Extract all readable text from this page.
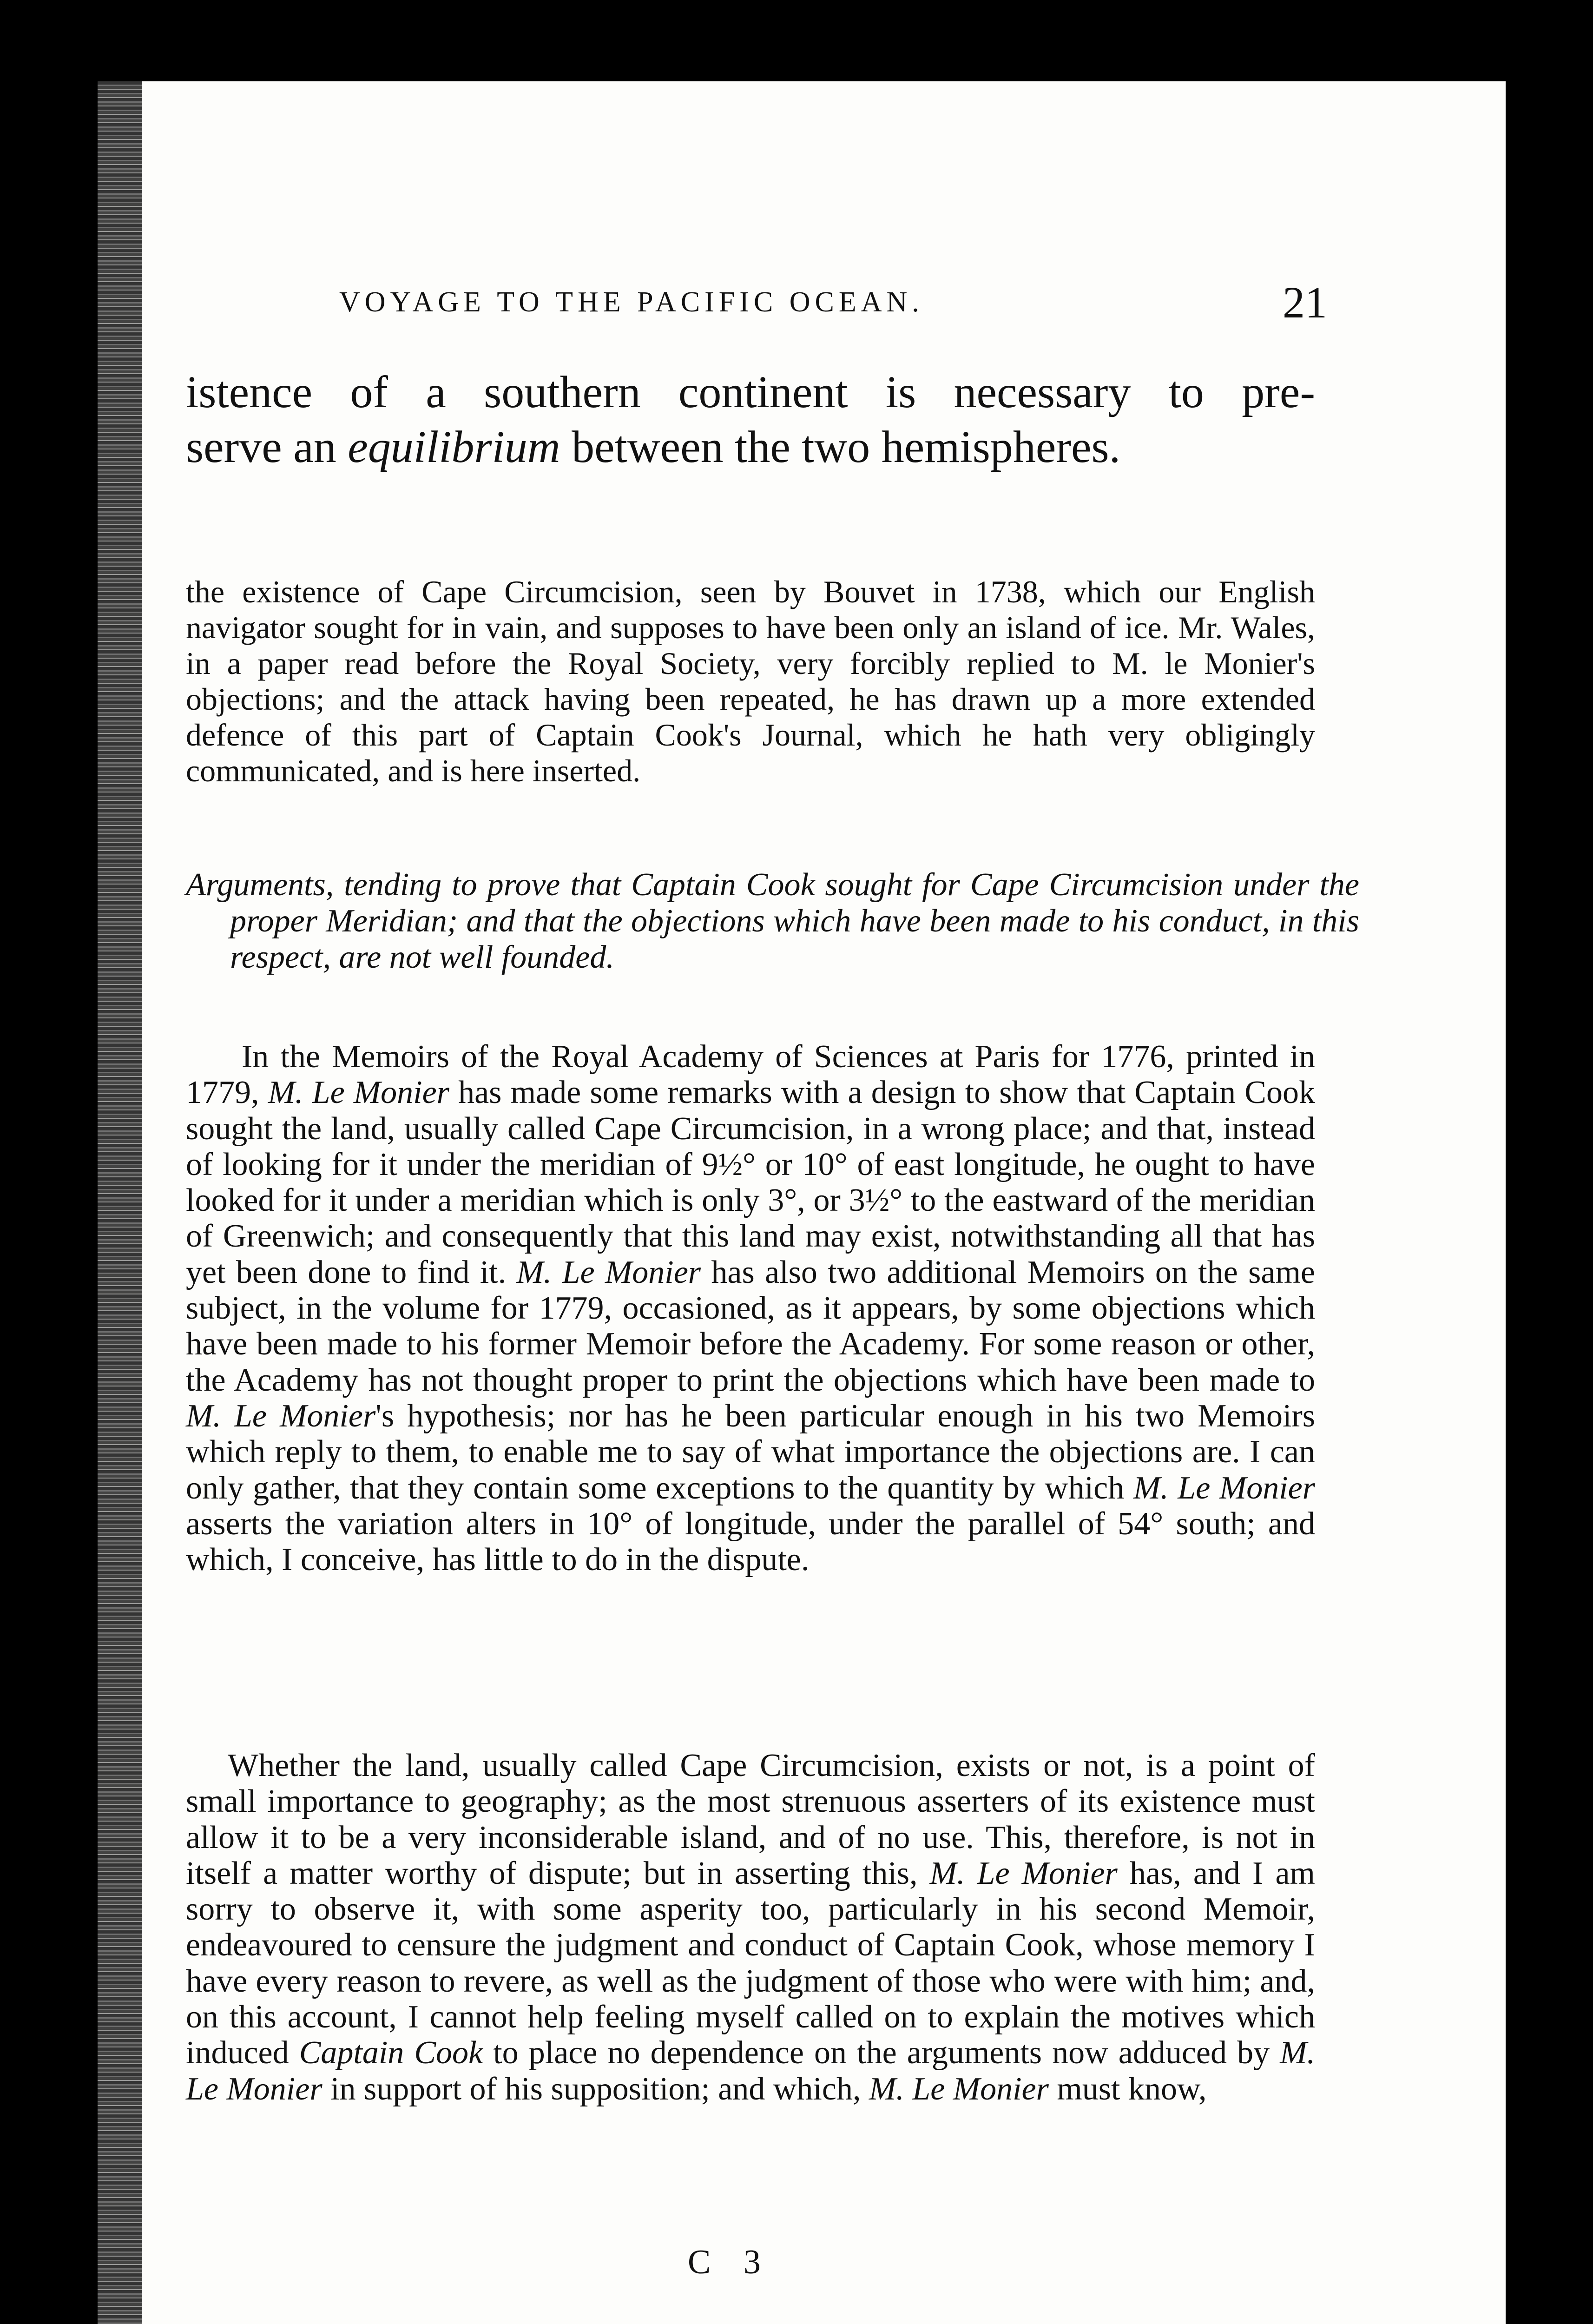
VOYAGE TO THE PACIFIC OCEAN.	21
istence of a southern continent is necessary to pre-
serve an equilibrium between the two hemispheres.

the existence of Cape Circumcision, seen by Bouvet in 1738, which our English navigator sought for in vain, and supposes to have been only an island of ice. Mr. Wales, in a paper read before the Royal Society, very forcibly replied to M. le Monier's objections; and the attack having been repeated, he has drawn up a more extended defence of this part of Captain Cook's Journal, which he hath very obligingly communicated, and is here inserted.

Arguments, tending to prove that Captain Cook sought for Cape Circumcision under the proper Meridian; and that the objections which have been made to his conduct, in this respect, are not well founded.

In the Memoirs of the Royal Academy of Sciences at Paris for 1776, printed in 1779, M. Le Monier has made some remarks with a design to show that Captain Cook sought the land, usually called Cape Circumcision, in a wrong place; and that, instead of looking for it under the meridian of 9½° or 10° of east longitude, he ought to have looked for it under a meridian which is only 3°, or 3½° to the eastward of the meridian of Greenwich; and consequently that this land may exist, notwithstanding all that has yet been done to find it. M. Le Monier has also two additional Memoirs on the same subject, in the volume for 1779, occasioned, as it appears, by some objections which have been made to his former Memoir before the Academy. For some reason or other, the Academy has not thought proper to print the objections which have been made to M. Le Monier's hypothesis; nor has he been particular enough in his two Memoirs which reply to them, to enable me to say of what importance the objections are. I can only gather, that they contain some exceptions to the quantity by which M. Le Monier asserts the variation alters in 10° of longitude, under the parallel of 54° south; and which, I conceive, has little to do in the dispute.

Whether the land, usually called Cape Circumcision, exists or not, is a point of small importance to geography; as the most strenuous asserters of its existence must allow it to be a very inconsiderable island, and of no use. This, therefore, is not in itself a matter worthy of dispute; but in asserting this, M. Le Monier has, and I am sorry to observe it, with some asperity too, particularly in his second Memoir, endeavoured to censure the judgment and conduct of Captain Cook, whose memory I have every reason to revere, as well as the judgment of those who were with him; and, on this account, I cannot help feeling myself called on to explain the motives which induced Captain Cook to place no dependence on the arguments now adduced by M. Le Monier in support of his supposition; and which, M. Le Monier must know,

C 3
